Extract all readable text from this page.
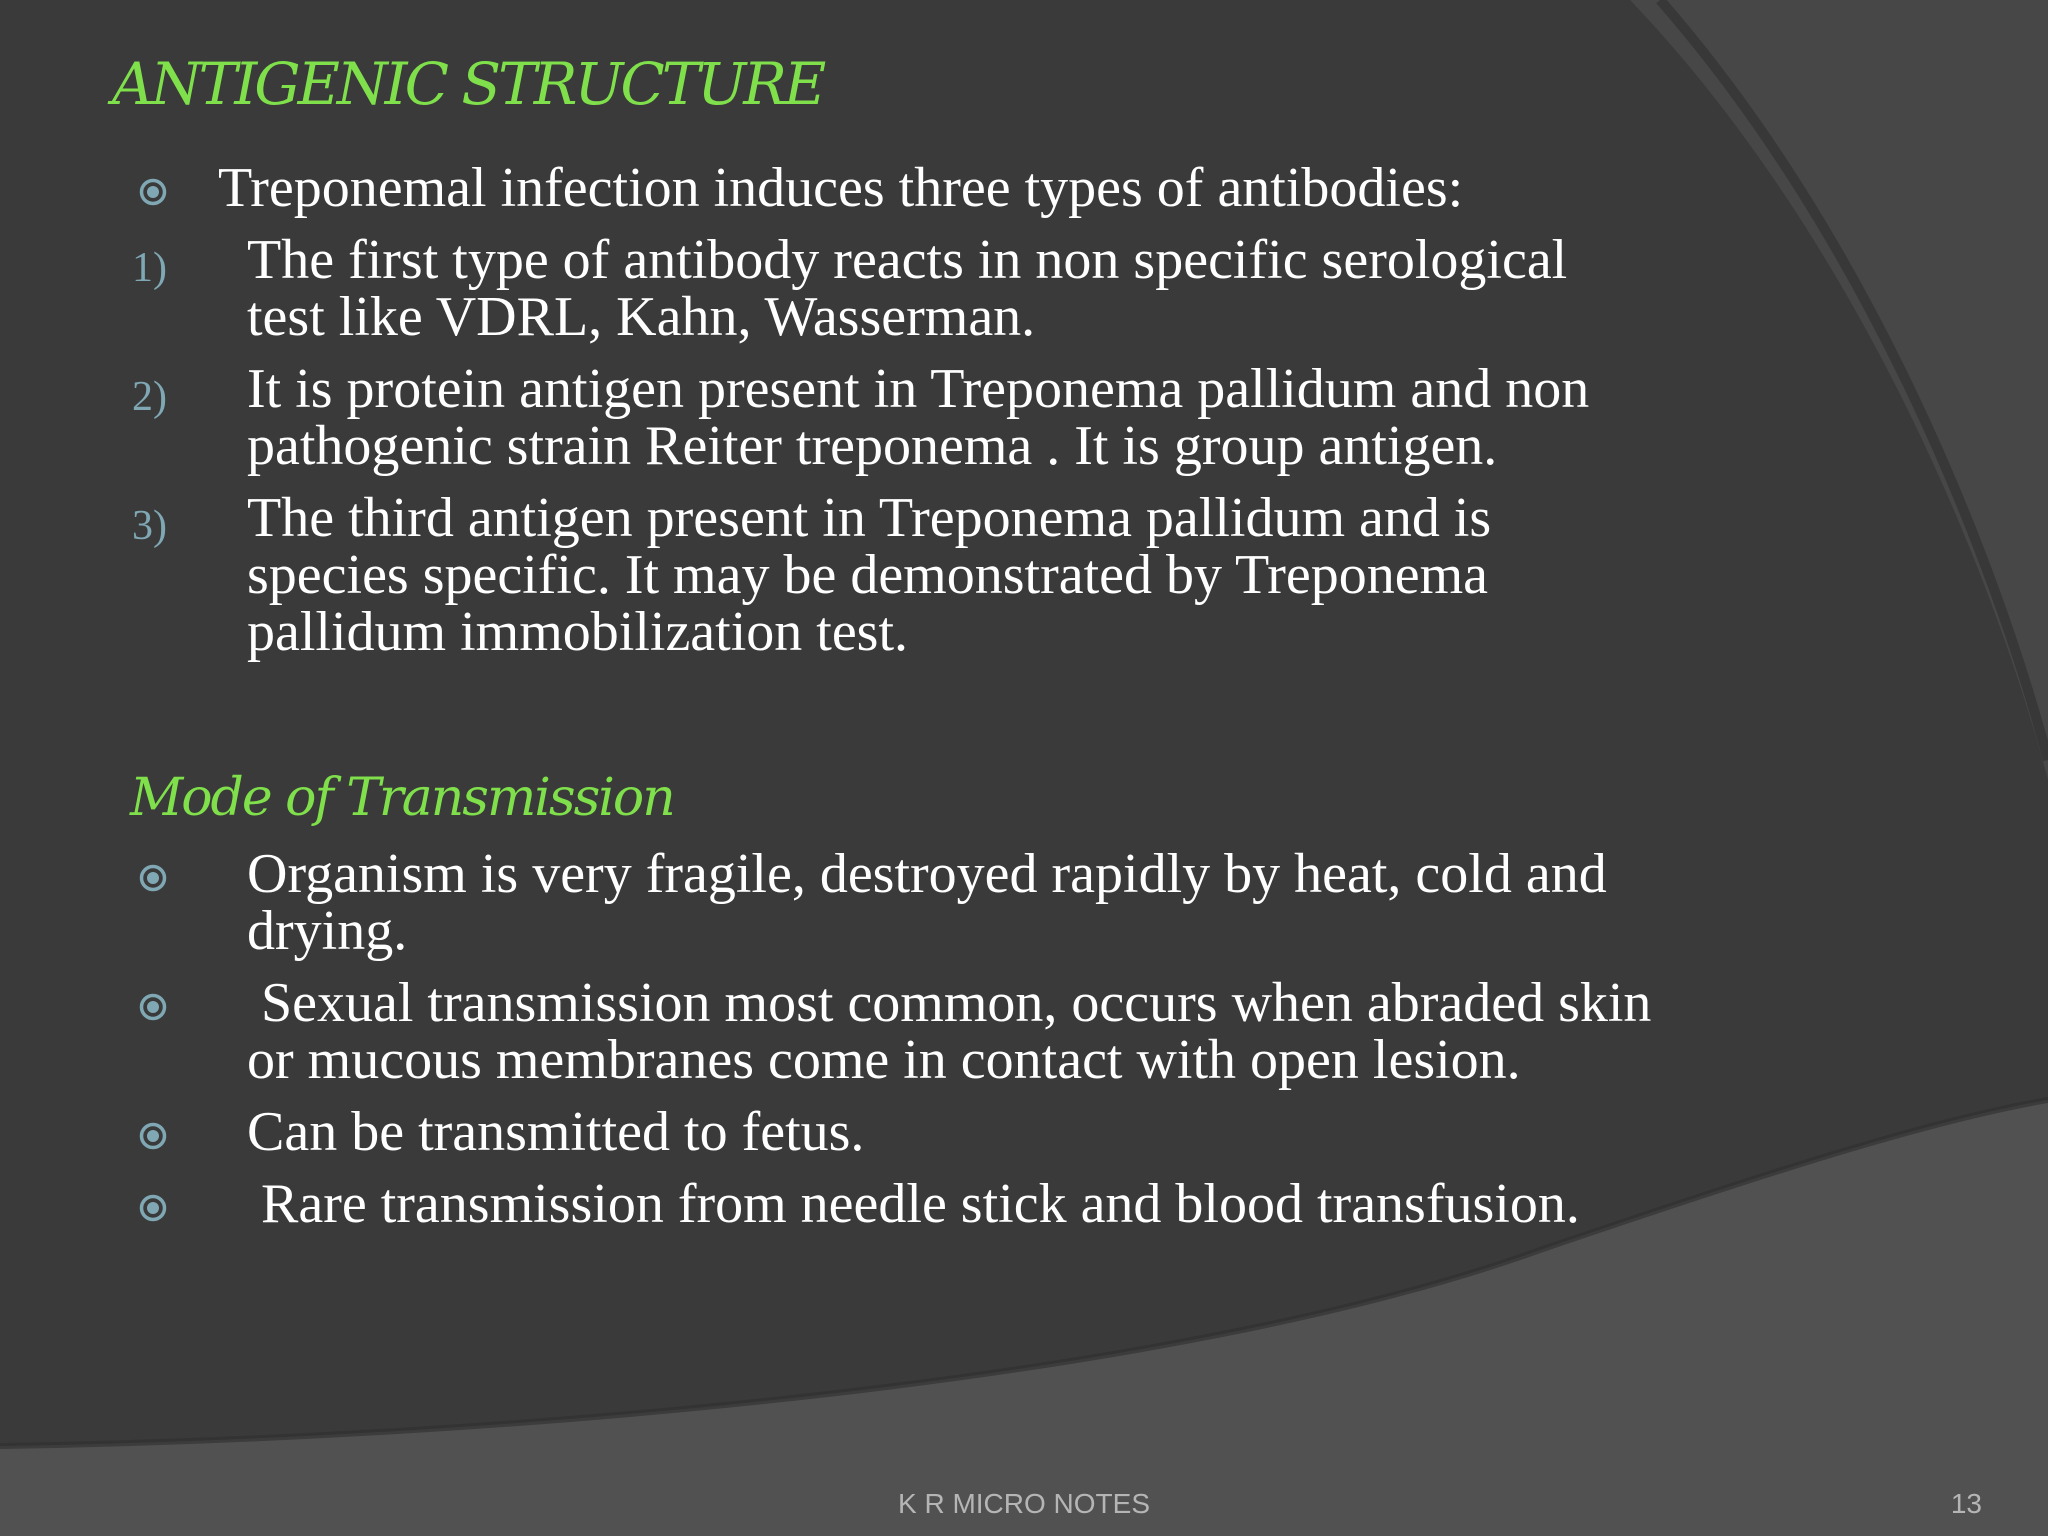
ANTIGENIC STRUCTURE
Treponemal infection induces three types of antibodies:
1) The first type of antibody reacts in non specific serological
test like VDRL, Kahn, Wasserman.
2) It is protein antigen present in Treponema pallidum and non
pathogenic strain Reiter treponema . It is group antigen.
3) The third antigen present in Treponema pallidum and is
species specific. It may be demonstrated by Treponema
pallidum immobilization test.
Mode of Transmission
Organism is very fragile, destroyed rapidly by heat, cold and
drying.
Sexual transmission most common, occurs when abraded skin
or mucous membranes come in contact with open lesion.
Can be transmitted to fetus.
Rare transmission from needle stick and blood transfusion.
K R MICRO NOTES	13
